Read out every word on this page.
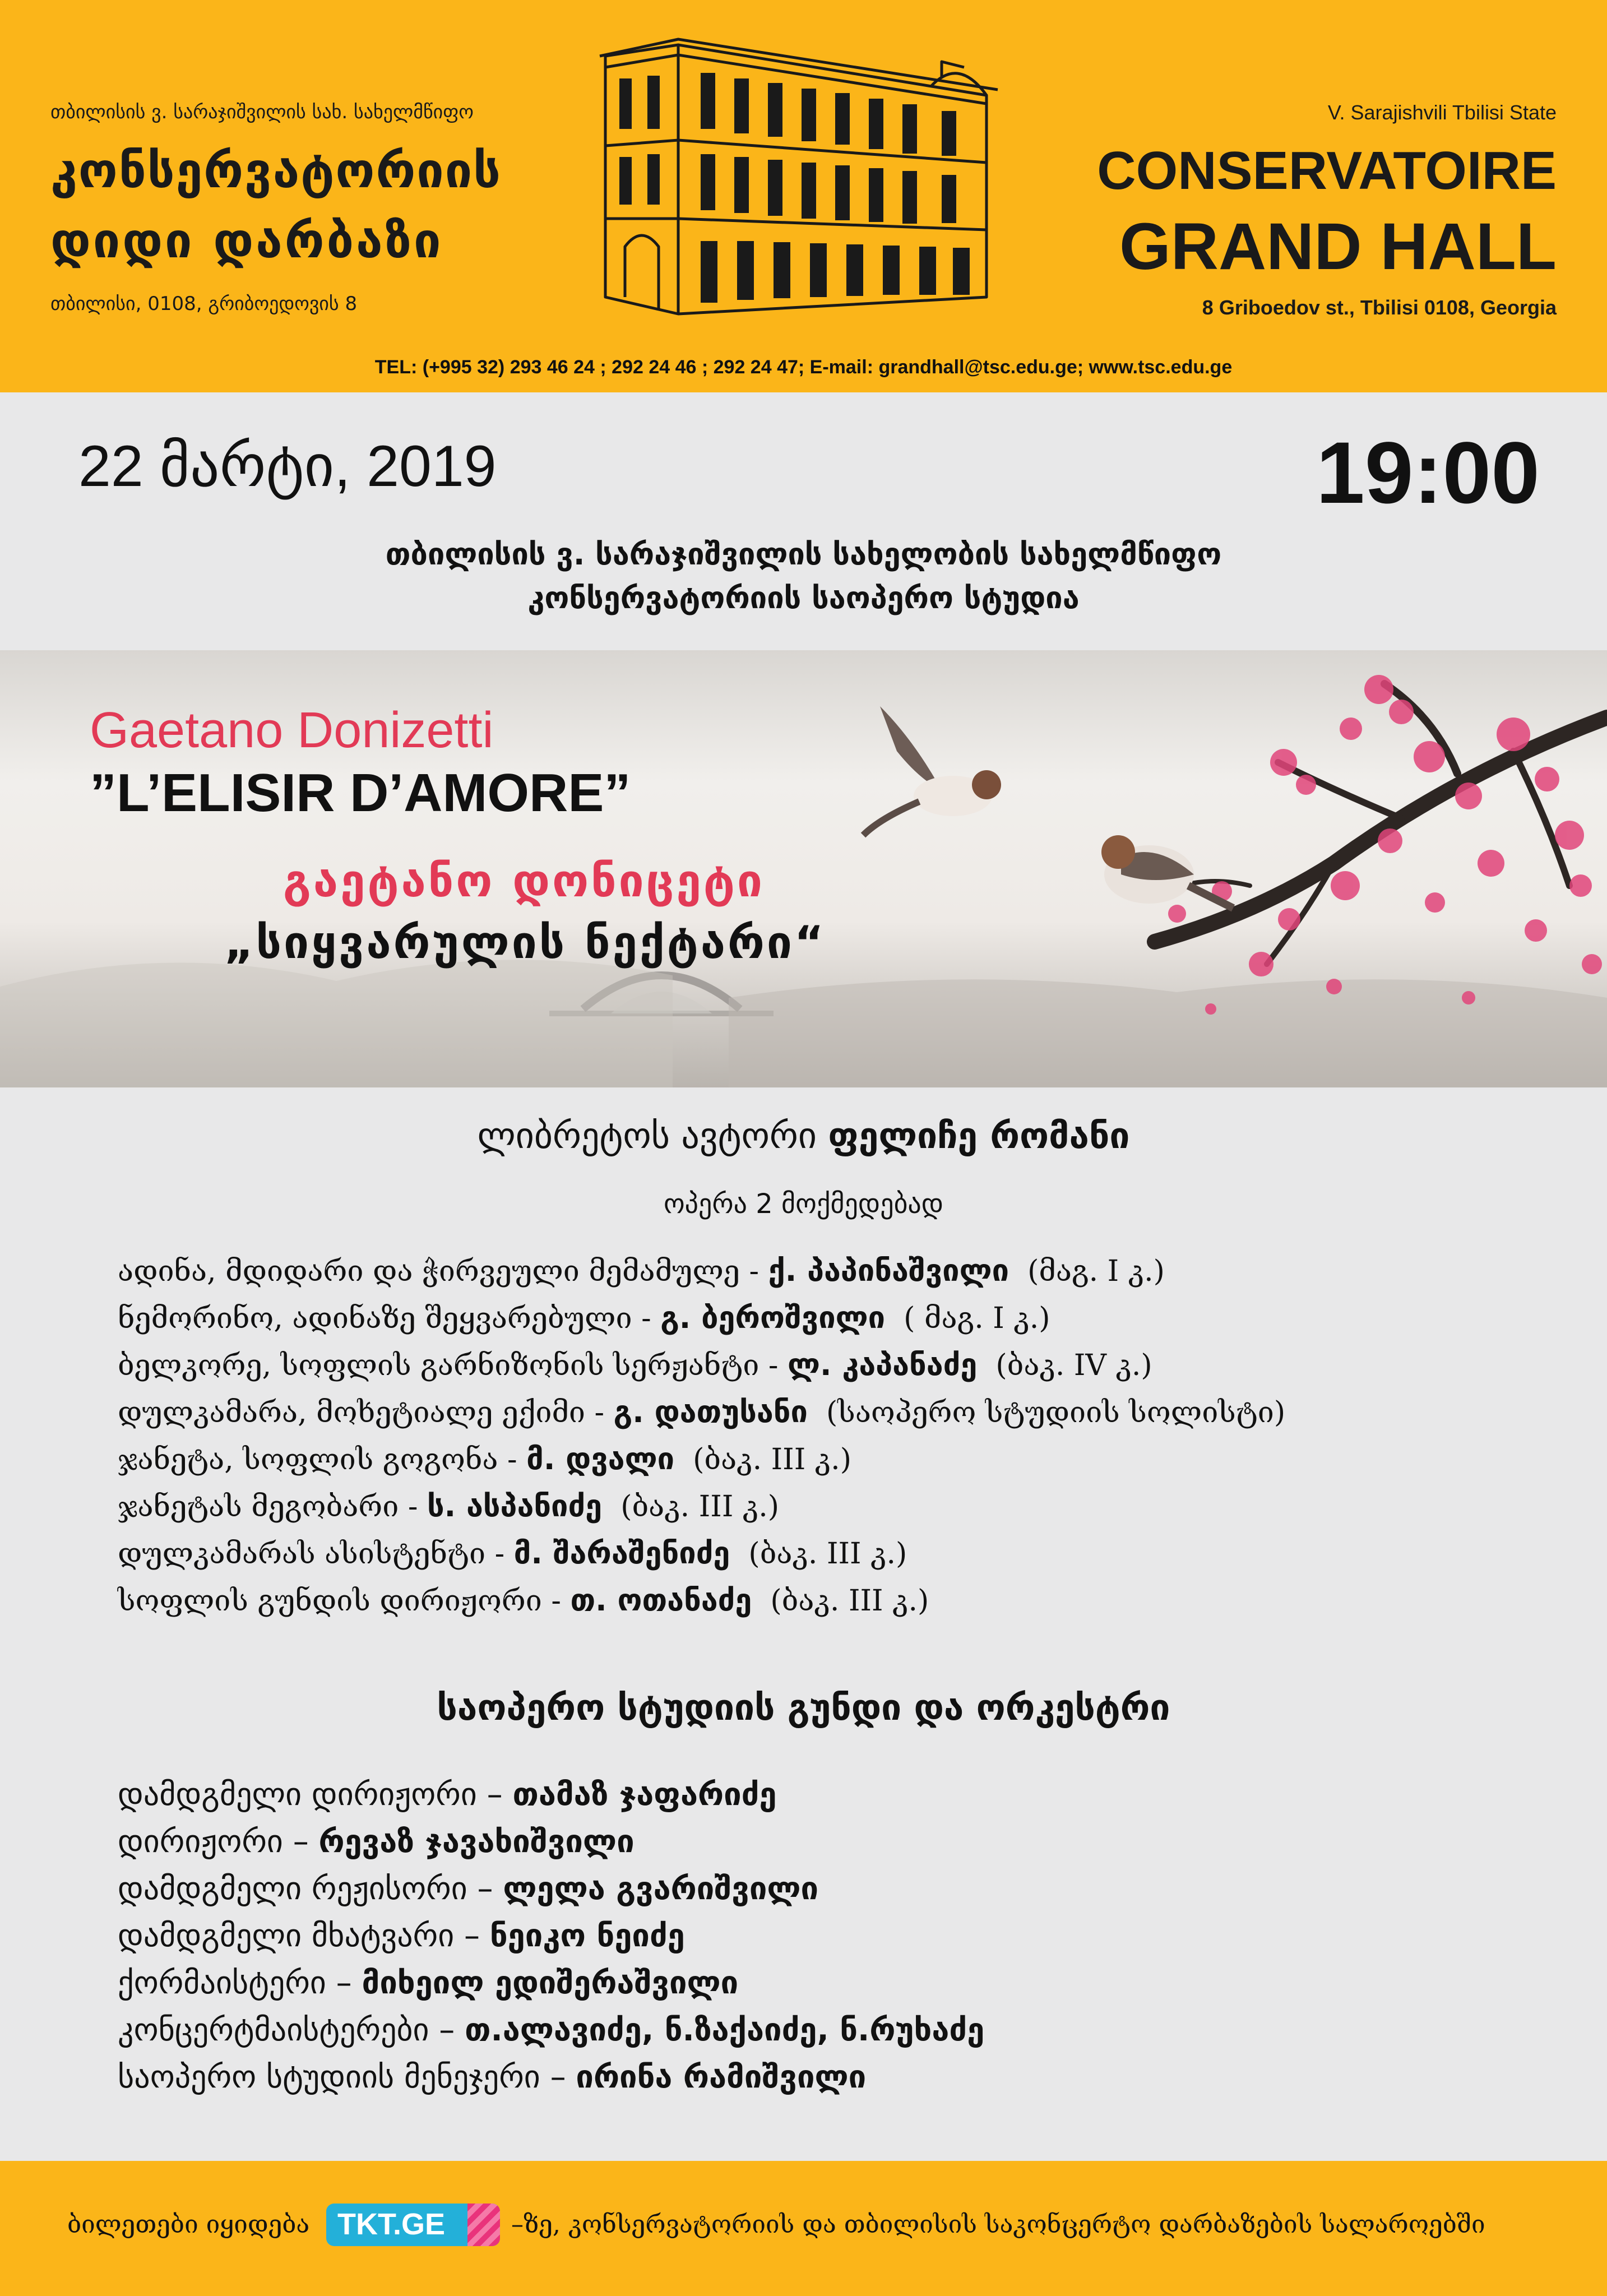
თბილისის ვ. სარაჯიშვილის სახ. სახელმწიფო
კონსერვატორიის
დიდი დარბაზი
თბილისი, 0108, გრიბოედოვის 8
V. Sarajishvili Tbilisi State
CONSERVATOIRE
GRAND HALL
8 Griboedov st., Tbilisi 0108, Georgia
TEL: (+995 32) 293 46 24 ; 292 24 46 ; 292 24 47; E-mail: grandhall@tsc.edu.ge; www.tsc.edu.ge
22 მარტი, 2019	19:00
თბილისის ვ. სარაჯიშვილის სახელობის სახელმწიფო
კონსერვატორიის საოპერო სტუდია
Gaetano Donizetti
”L’ELISIR D’AMORE”
გაეტანო დონიცეტი
„სიყვარულის ნექტარი“
ლიბრეტოს ავტორი ფელიჩე რომანი
ოპერა 2 მოქმედებად
ადინა, მდიდარი და ჭირვეული მემამულე - ქ. პაპინაშვილი (მაგ. I კ.)
ნემორინო, ადინაზე შეყვარებული - გ. ბეროშვილი ( მაგ. I კ.)
ბელკორე, სოფლის გარნიზონის სერჟანტი - ლ. კაპანაძე (ბაკ. IV კ.)
დულკამარა, მოხეტიალე ექიმი - გ. დათუსანი (საოპერო სტუდიის სოლისტი)
ჯანეტა, სოფლის გოგონა - მ. დვალი (ბაკ. III კ.)
ჯანეტას მეგობარი - ს. ასპანიძე (ბაკ. III კ.)
დულკამარას ასისტენტი - მ. შარაშენიძე (ბაკ. III კ.)
სოფლის გუნდის დირიჟორი - თ. ოთანაძე (ბაკ. III კ.)
საოპერო სტუდიის გუნდი და ორკესტრი
დამდგმელი დირიჟორი – თამაზ ჯაფარიძე
დირიჟორი – რევაზ ჯავახიშვილი
დამდგმელი რეჟისორი – ლელა გვარიშვილი
დამდგმელი მხატვარი – ნეიკო ნეიძე
ქორმაისტერი – მიხეილ ედიშერაშვილი
კონცერტმაისტერები – თ.ალავიძე, ნ.ზაქაიძე, ნ.რუხაძე
საოპერო სტუდიის მენეჯერი – ირინა რამიშვილი
ბილეთები იყიდება TKT.GE	–ზე, კონსერვატორიის და თბილისის საკონცერტო დარბაზების სალაროებში
